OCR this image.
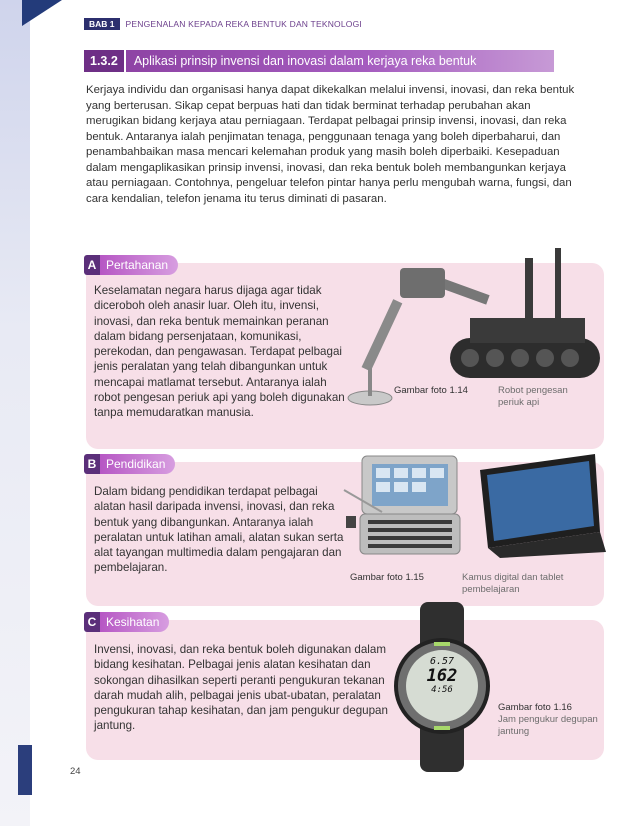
BAB 1	PENGENALAN KEPADA REKA BENTUK DAN TEKNOLOGI
1.3.2	Aplikasi prinsip invensi dan inovasi dalam kerjaya reka bentuk

Kerjaya individu dan organisasi hanya dapat dikekalkan melalui invensi, inovasi, dan reka bentuk yang berterusan. Sikap cepat berpuas hati dan tidak berminat terhadap perubahan akan merugikan bidang kerjaya atau perniagaan. Terdapat pelbagai prinsip invensi, inovasi, dan reka bentuk. Antaranya ialah penjimatan tenaga, penggunaan tenaga yang boleh diperbaharui, dan penambahbaikan masa mencari kelemahan produk yang masih boleh diperbaiki. Kesepaduan dalam mengaplikasikan prinsip invensi, inovasi, dan reka bentuk boleh membangunkan kerjaya atau perniagaan. Contohnya, pengeluar telefon pintar hanya perlu mengubah warna, fungsi, dan cara kendalian, telefon jenama itu terus diminati di pasaran.

A Pertahanan

Keselamatan negara harus dijaga agar tidak diceroboh oleh anasir luar. Oleh itu, invensi, inovasi, dan reka bentuk memainkan peranan dalam bidang persenjataan, komunikasi, perekodan, dan pengawasan. Terdapat pelbagai jenis peralatan yang telah dibangunkan untuk mencapai matlamat tersebut. Antaranya ialah robot pengesan periuk api yang boleh digunakan tanpa memudaratkan manusia.

Gambar foto 1.14	Robot pengesan periuk api
B Pendidikan

Dalam bidang pendidikan terdapat pelbagai alatan hasil daripada invensi, inovasi, dan reka bentuk yang dibangunkan. Antaranya ialah peralatan untuk latihan amali, alatan sukan serta alat tayangan multimedia dalam pengajaran dan pembelajaran.

Gambar foto 1.15	Kamus digital dan tablet pembelajaran
C Kesihatan

Invensi, inovasi, dan reka bentuk boleh digunakan dalam bidang kesihatan. Pelbagai jenis alatan kesihatan dan sokongan dihasilkan seperti peranti pengukuran tekanan darah mudah alih, pelbagai jenis ubat-ubatan, peralatan pengukuran tahap kesihatan, dan jam pengukur degupan jantung.

Gambar foto 1.16
Jam pengukur degupan jantung
6.57
162
4:56
24
